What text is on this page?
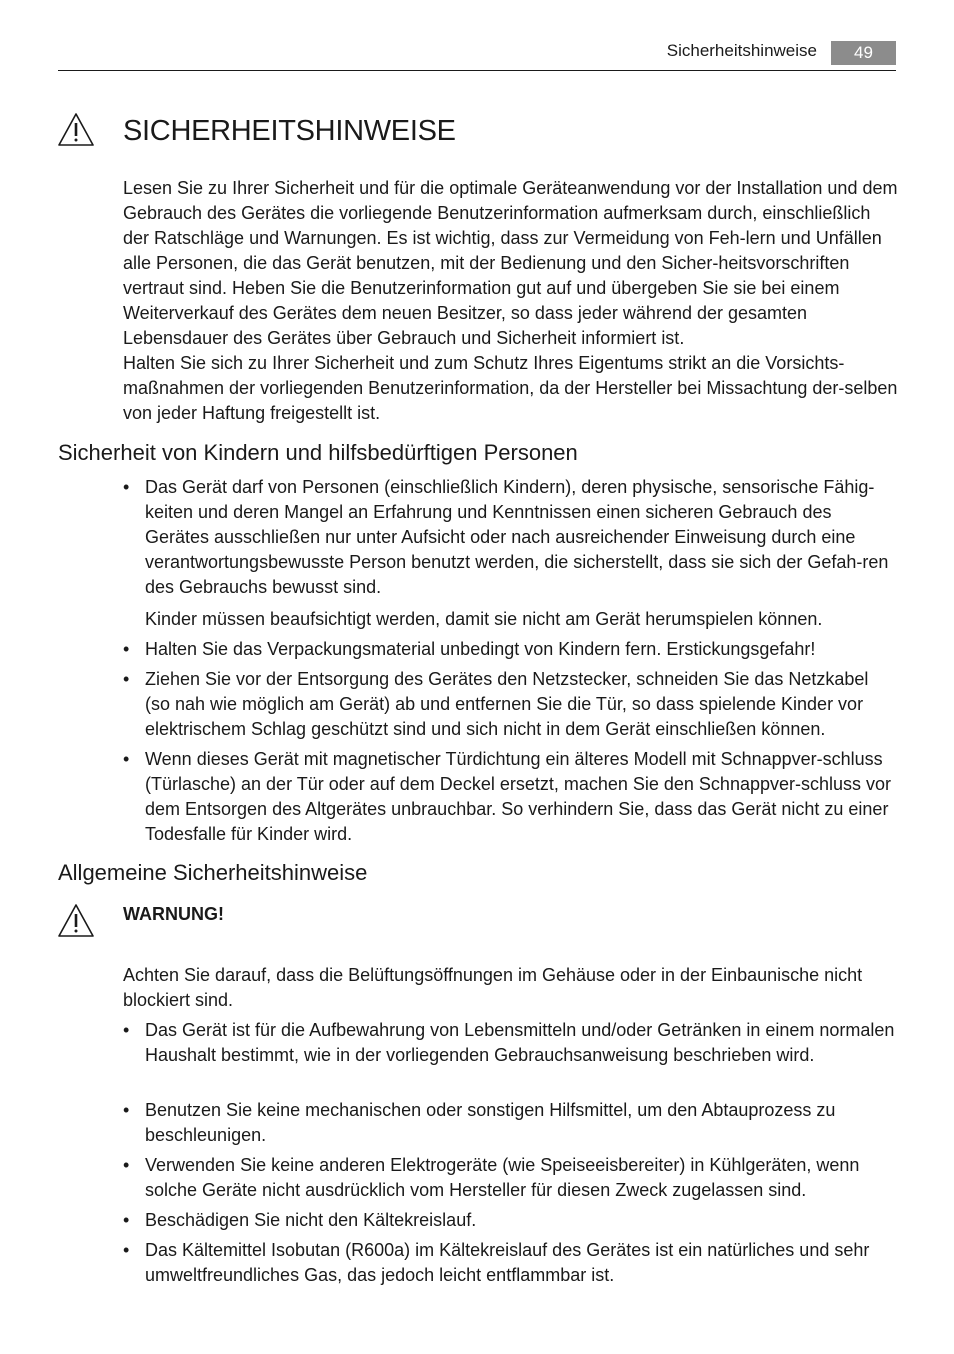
Sicherheitshinweise	49
SICHERHEITSHINWEISE

Lesen Sie zu Ihrer Sicherheit und für die optimale Geräteanwendung vor der Installation und dem Gebrauch des Gerätes die vorliegende Benutzerinformation aufmerksam durch, einschließlich der Ratschläge und Warnungen. Es ist wichtig, dass zur Vermeidung von Feh-lern und Unfällen alle Personen, die das Gerät benutzen, mit der Bedienung und den Sicher-heitsvorschriften vertraut sind. Heben Sie die Benutzerinformation gut auf und übergeben Sie sie bei einem Weiterverkauf des Gerätes dem neuen Besitzer, so dass jeder während der gesamten Lebensdauer des Gerätes über Gebrauch und Sicherheit informiert ist.

Halten Sie sich zu Ihrer Sicherheit und zum Schutz Ihres Eigentums strikt an die Vorsichts-maßnahmen der vorliegenden Benutzerinformation, da der Hersteller bei Missachtung der-selben von jeder Haftung freigestellt ist.

Sicherheit von Kindern und hilfsbedürftigen Personen
• Das Gerät darf von Personen (einschließlich Kindern), deren physische, sensorische Fähig-keiten und deren Mangel an Erfahrung und Kenntnissen einen sicheren Gebrauch des Gerätes ausschließen nur unter Aufsicht oder nach ausreichender Einweisung durch eine verantwortungsbewusste Person benutzt werden, die sicherstellt, dass sie sich der Gefah-ren des Gebrauchs bewusst sind.
Kinder müssen beaufsichtigt werden, damit sie nicht am Gerät herumspielen können.
• Halten Sie das Verpackungsmaterial unbedingt von Kindern fern. Erstickungsgefahr!
• Ziehen Sie vor der Entsorgung des Gerätes den Netzstecker, schneiden Sie das Netzkabel (so nah wie möglich am Gerät) ab und entfernen Sie die Tür, so dass spielende Kinder vor elektrischem Schlag geschützt sind und sich nicht in dem Gerät einschließen können.
• Wenn dieses Gerät mit magnetischer Türdichtung ein älteres Modell mit Schnappver-schluss (Türlasche) an der Tür oder auf dem Deckel ersetzt, machen Sie den Schnappver-schluss vor dem Entsorgen des Altgerätes unbrauchbar. So verhindern Sie, dass das Gerät nicht zu einer Todesfalle für Kinder wird.
Allgemeine Sicherheitshinweise

WARNUNG!

Achten Sie darauf, dass die Belüftungsöffnungen im Gehäuse oder in der Einbaunische nicht blockiert sind.

• Das Gerät ist für die Aufbewahrung von Lebensmitteln und/oder Getränken in einem normalen Haushalt bestimmt, wie in der vorliegenden Gebrauchsanweisung beschrieben wird.
• Benutzen Sie keine mechanischen oder sonstigen Hilfsmittel, um den Abtauprozess zu beschleunigen.
• Verwenden Sie keine anderen Elektrogeräte (wie Speiseeisbereiter) in Kühlgeräten, wenn solche Geräte nicht ausdrücklich vom Hersteller für diesen Zweck zugelassen sind.
• Beschädigen Sie nicht den Kältekreislauf.
• Das Kältemittel Isobutan (R600a) im Kältekreislauf des Gerätes ist ein natürliches und sehr umweltfreundliches Gas, das jedoch leicht entflammbar ist.
